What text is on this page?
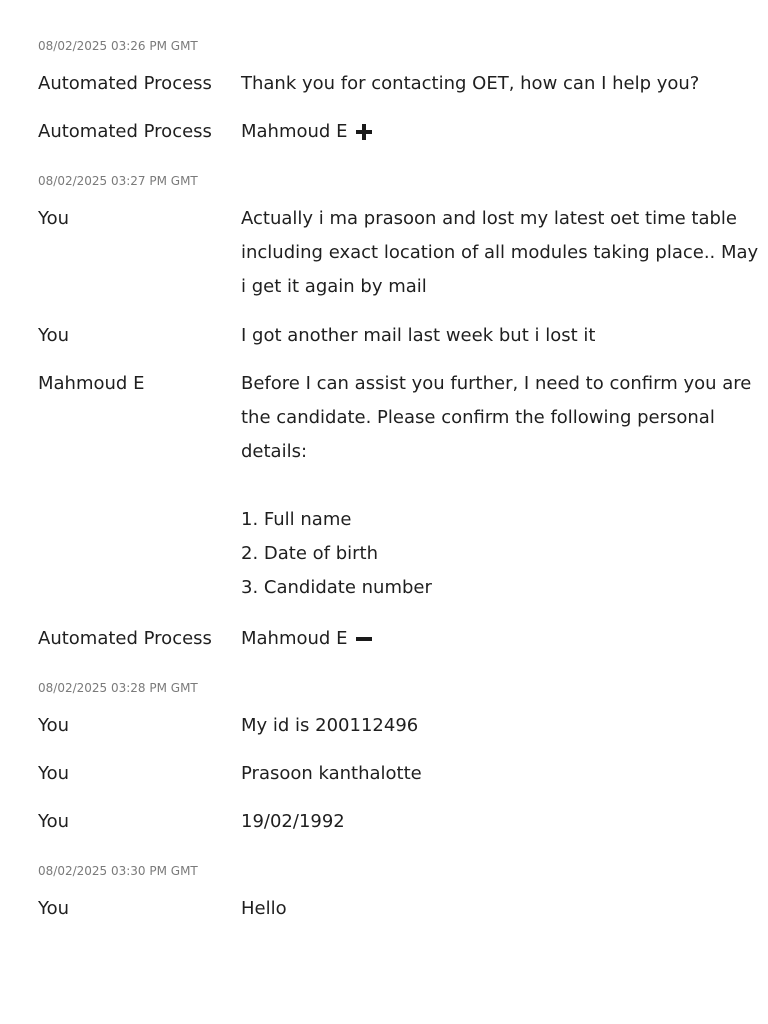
08/02/2025 03:26 PM GMT
Automated Process Thank you for contacting OET, how can I help you?
Automated Process Mahmoud E
08/02/2025 03:27 PM GMT
You	Actually i ma prasoon and lost my latest oet time table
including exact location of all modules taking place.. May
i get it again by mail
You	I got another mail last week but i lost it
Mahmoud E	Before I can assist you further, I need to confirm you are
the candidate. Please confirm the following personal
details:
1. Full name
2. Date of birth
3. Candidate number
Automated Process Mahmoud E
08/02/2025 03:28 PM GMT
You	My id is 200112496
You	Prasoon kanthalotte
You	19/02/1992
08/02/2025 03:30 PM GMT
You	Hello
